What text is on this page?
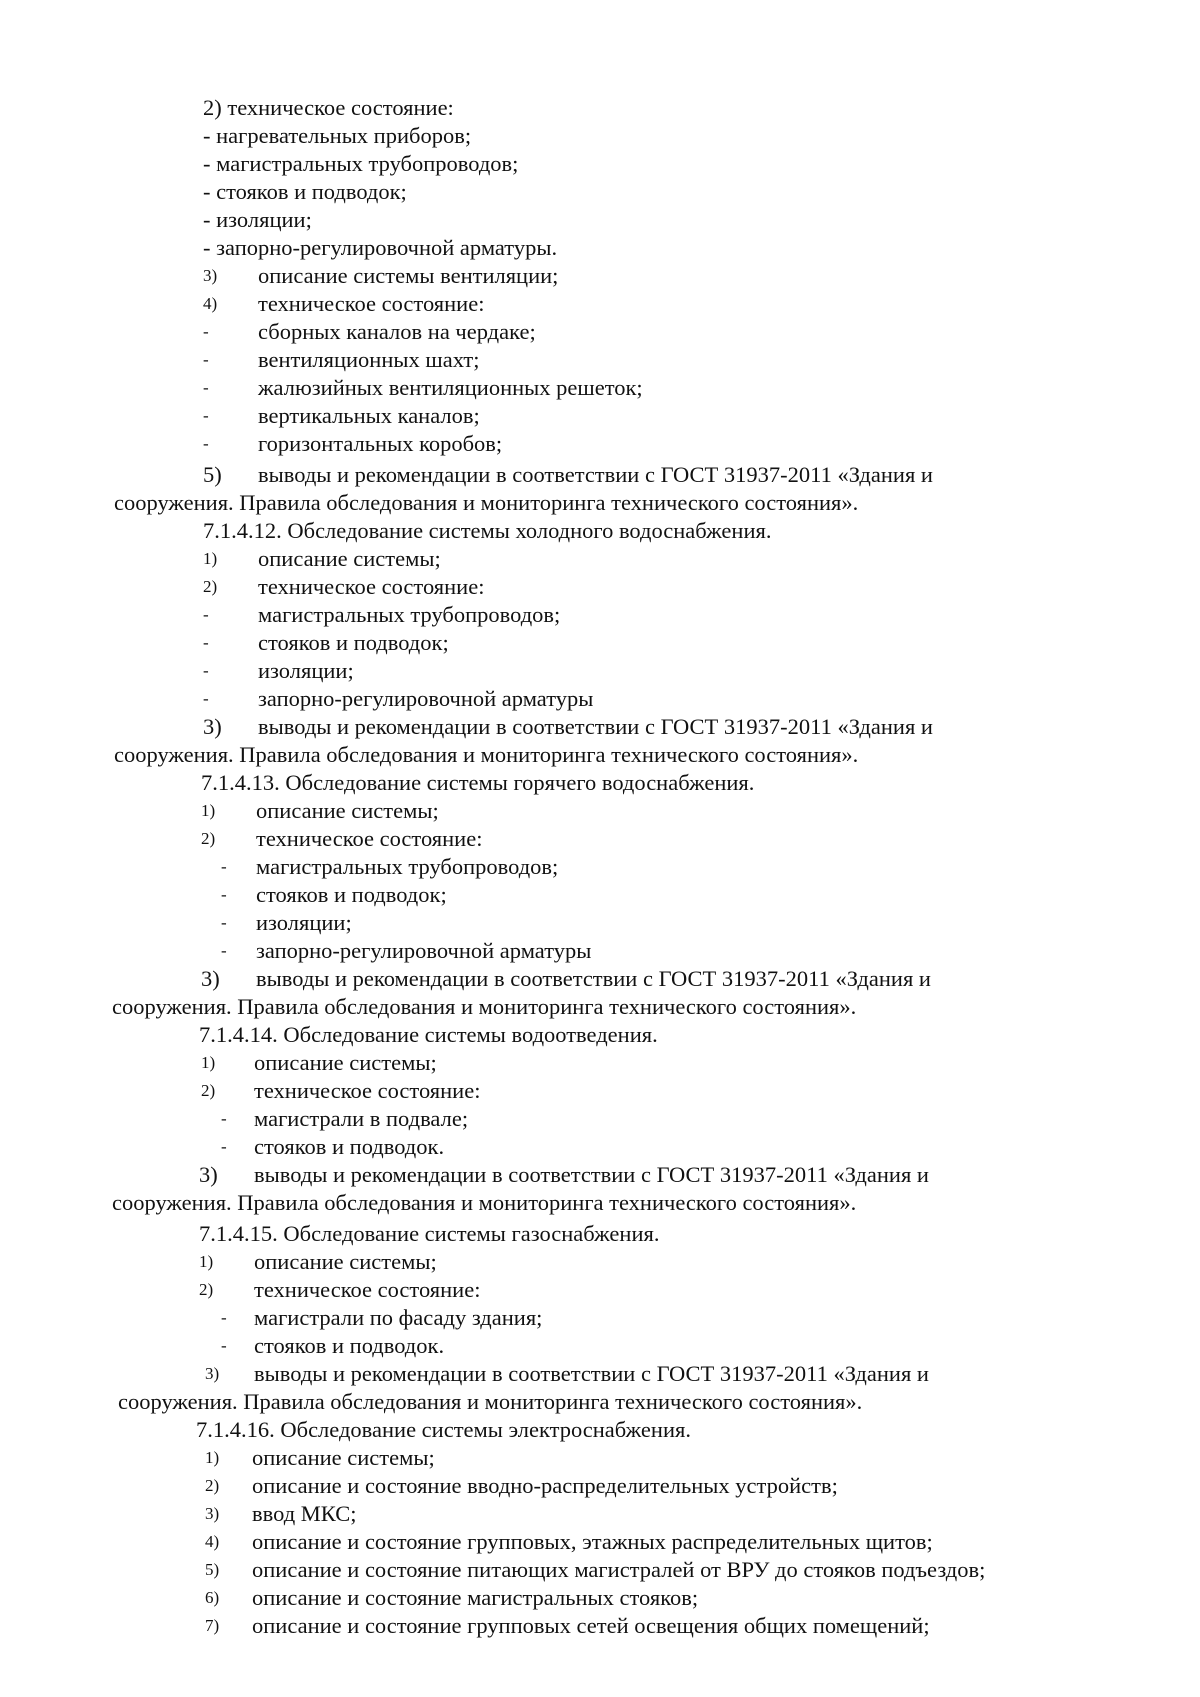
2) техническое состояние:
- нагревательных приборов;
- магистральных трубопроводов;
- стояков и подводок;
- изоляции;
- запорно-регулировочной арматуры.
3) описание системы вентиляции;
4) техническое состояние:
- сборных каналов на чердаке;
- вентиляционных шахт;
- жалюзийных вентиляционных решеток;
- вертикальных каналов;
- горизонтальных коробов;
5) выводы и рекомендации в соответствии с ГОСТ 31937-2011 «Здания и
сооружения. Правила обследования и мониторинга технического состояния».
7.1.4.12. Обследование системы холодного водоснабжения.
1) описание системы;
2) техническое состояние:
- магистральных трубопроводов;
- стояков и подводок;
- изоляции;
- запорно-регулировочной арматуры
3) выводы и рекомендации в соответствии с ГОСТ 31937-2011 «Здания и
сооружения. Правила обследования и мониторинга технического состояния».
7.1.4.13. Обследование системы горячего водоснабжения.
1) описание системы;
2) техническое состояние:
- магистральных трубопроводов;
- стояков и подводок;
- изоляции;
- запорно-регулировочной арматуры
3) выводы и рекомендации в соответствии с ГОСТ 31937-2011 «Здания и
сооружения. Правила обследования и мониторинга технического состояния».
7.1.4.14. Обследование системы водоотведения.
1) описание системы;
2) техническое состояние:
- магистрали в подвале;
- стояков и подводок.
3) выводы и рекомендации в соответствии с ГОСТ 31937-2011 «Здания и
сооружения. Правила обследования и мониторинга технического состояния».
7.1.4.15. Обследование системы газоснабжения.
1) описание системы;
2) техническое состояние:
- магистрали по фасаду здания;
- стояков и подводок.
3) выводы и рекомендации в соответствии с ГОСТ 31937-2011 «Здания и
сооружения. Правила обследования и мониторинга технического состояния».
7.1.4.16. Обследование системы электроснабжения.
1) описание системы;
2) описание и состояние вводно-распределительных устройств;
3) ввод МКС;
4) описание и состояние групповых, этажных распределительных щитов;
5) описание и состояние питающих магистралей от ВРУ до стояков подъездов;
6) описание и состояние магистральных стояков;
7) описание и состояние групповых сетей освещения общих помещений;
